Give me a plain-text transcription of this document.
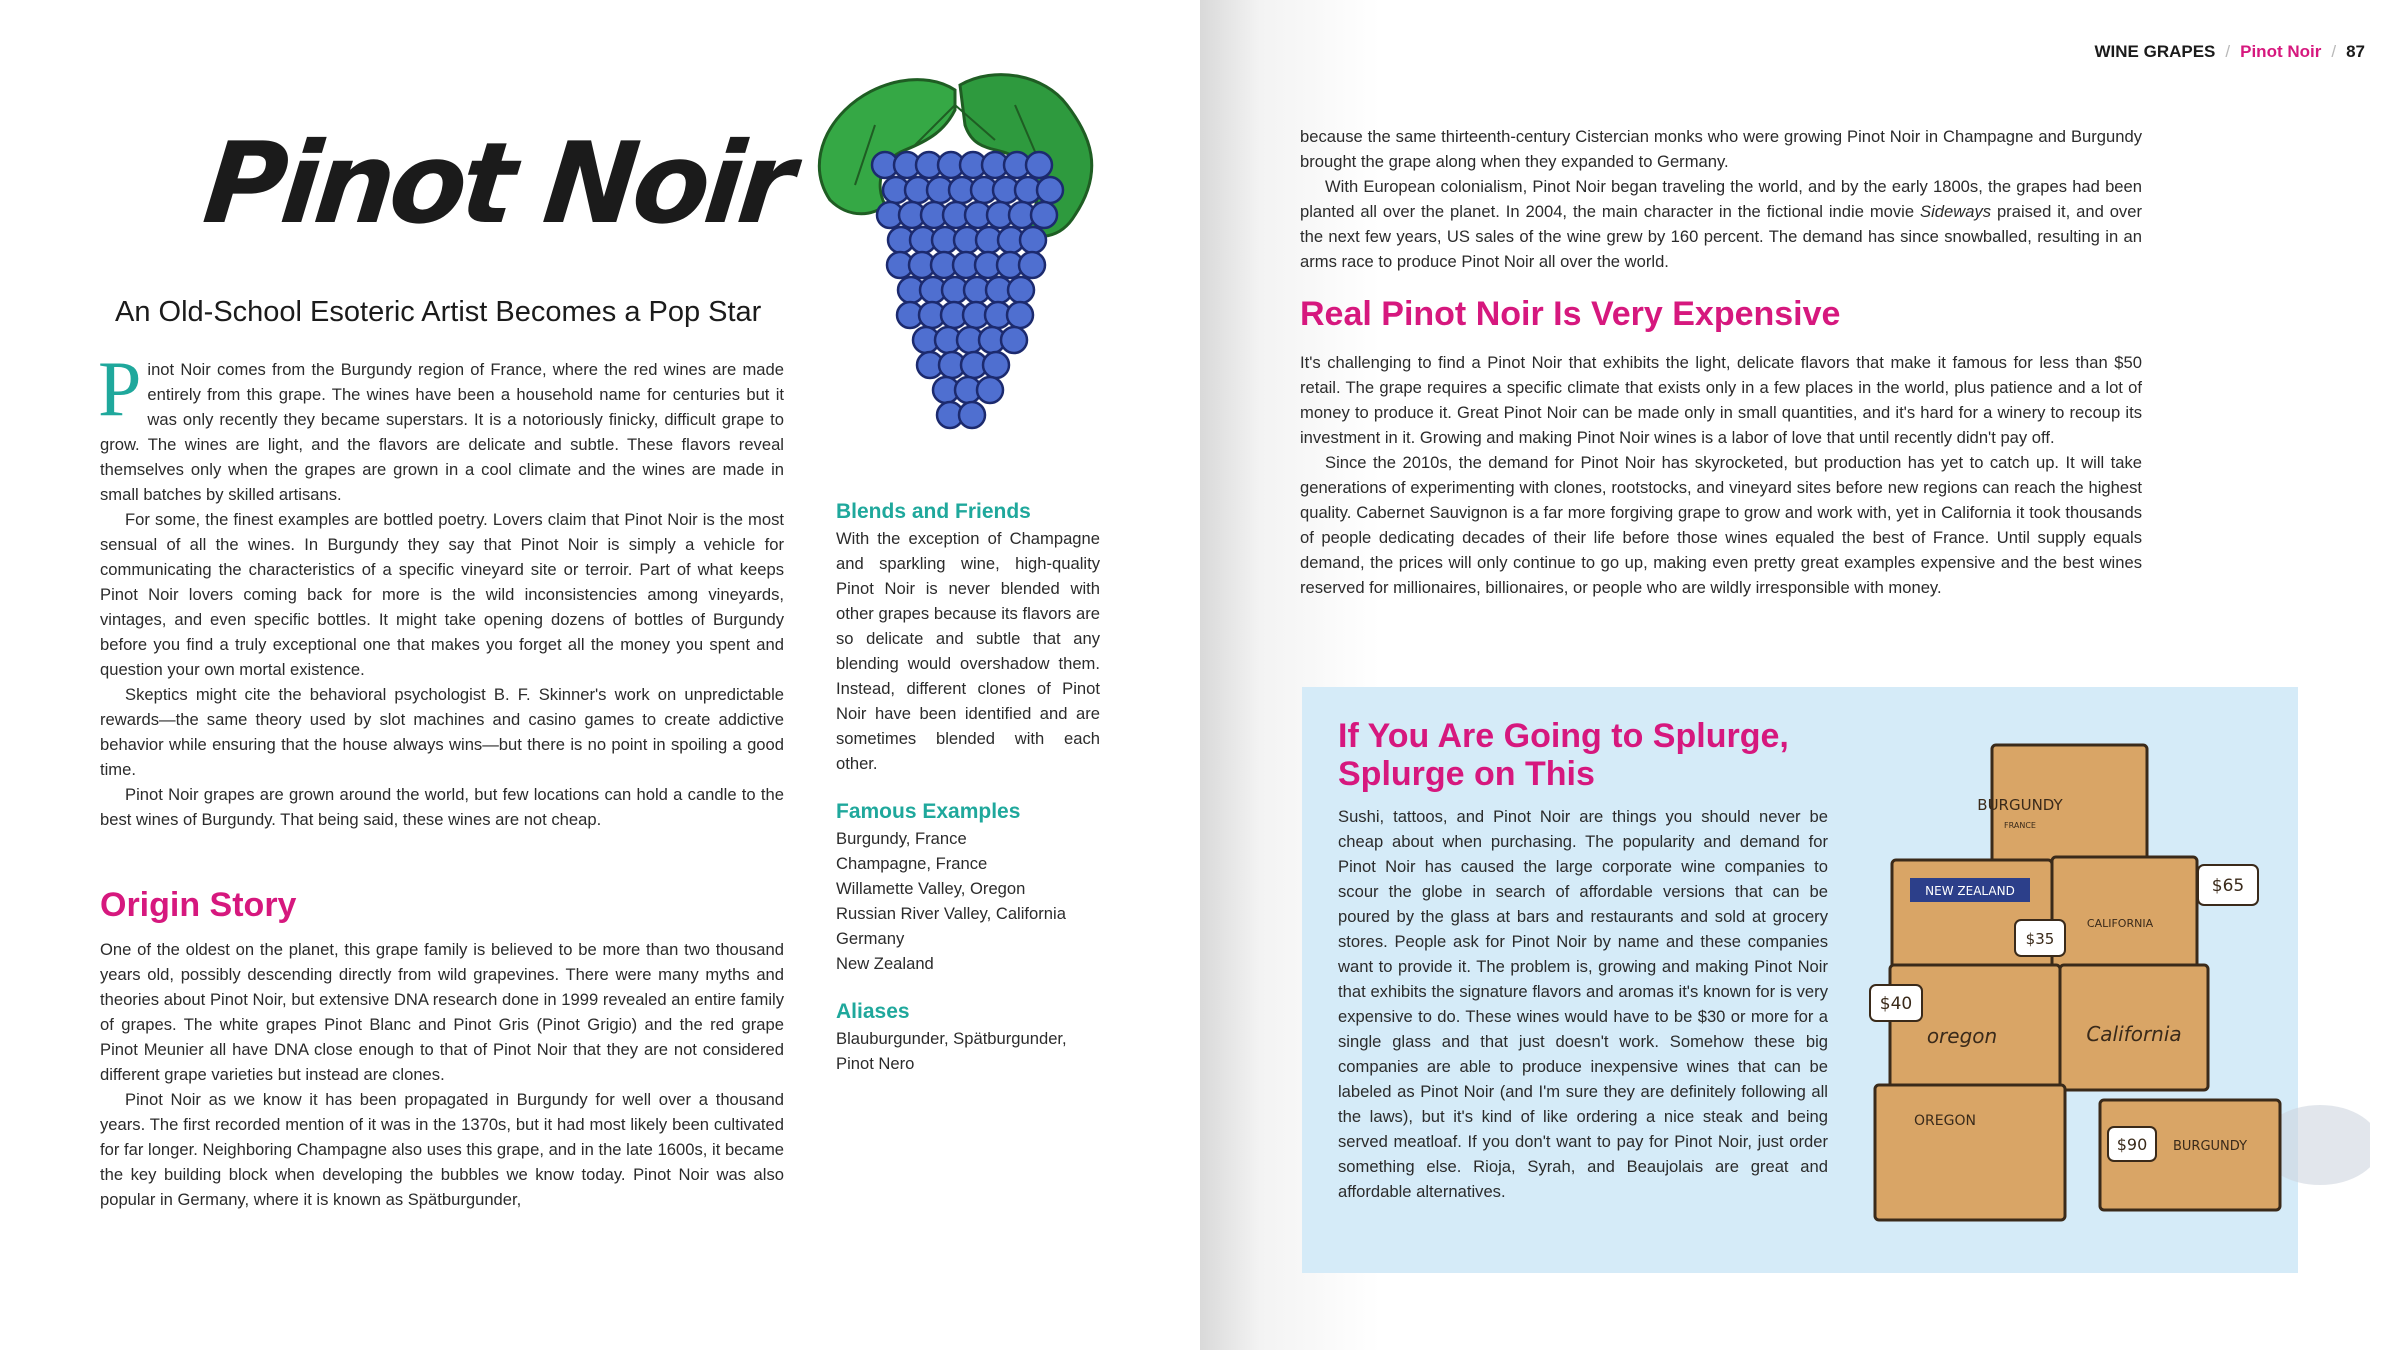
Pinot Noir
An Old-School Esoteric Artist Becomes a Pop Star
P inot Noir comes from the Burgundy region of France, where the red wines are made entirely from this grape. The wines have been a household name for centuries but it was only recently they became superstars. It is a notoriously finicky, difficult grape to grow. The wines are light, and the flavors are delicate and subtle. These flavors reveal themselves only when the grapes are grown in a cool climate and the wines are made in small batches by skilled artisans.

For some, the finest examples are bottled poetry. Lovers claim that Pinot Noir is the most sensual of all the wines. In Burgundy they say that Pinot Noir is simply a vehicle for communicating the characteristics of a specific vineyard site or terroir. Part of what keeps Pinot Noir lovers coming back for more is the wild inconsistencies among vineyards, vintages, and even specific bottles. It might take opening dozens of bottles of Burgundy before you find a truly exceptional one that makes you forget all the money you spent and question your own mortal existence.

Skeptics might cite the behavioral psychologist B. F. Skinner's work on unpredictable rewards—the same theory used by slot machines and casino games to create addictive behavior while ensuring that the house always wins—but there is no point in spoiling a good time.

Pinot Noir grapes are grown around the world, but few locations can hold a candle to the best wines of Burgundy. That being said, these wines are not cheap.

Origin Story

One of the oldest on the planet, this grape family is believed to be more than two thousand years old, possibly descending directly from wild grapevines. There were many myths and theories about Pinot Noir, but extensive DNA research done in 1999 revealed an entire family of grapes. The white grapes Pinot Blanc and Pinot Gris (Pinot Grigio) and the red grape Pinot Meunier all have DNA close enough to that of Pinot Noir that they are not considered different grape varieties but instead are clones.

Pinot Noir as we know it has been propagated in Burgundy for well over a thousand years. The first recorded mention of it was in the 1370s, but it had most likely been cultivated for far longer. Neighboring Champagne also uses this grape, and in the late 1600s, it became the key building block when developing the bubbles we know today. Pinot Noir was also popular in Germany, where it is known as Spätburgunder,

Blends and Friends

With the exception of Champagne and sparkling wine, high-quality Pinot Noir is never blended with other grapes because its flavors are so delicate and subtle that any blending would overshadow them. Instead, different clones of Pinot Noir have been identified and are sometimes blended with each other.

Famous Examples
Burgundy, France
Champagne, France
Willamette Valley, Oregon
Russian River Valley, California
Germany
New Zealand
Aliases

Blauburgunder, Spätburgunder, Pinot Nero

WINE GRAPES / Pinot Noir / 87

because the same thirteenth-century Cistercian monks who were growing Pinot Noir in Champagne and Burgundy brought the grape along when they expanded to Germany.

With European colonialism, Pinot Noir began traveling the world, and by the early 1800s, the grapes had been planted all over the planet. In 2004, the main character in the fictional indie movie Sideways praised it, and over the next few years, US sales of the wine grew by 160 percent. The demand has since snowballed, resulting in an arms race to produce Pinot Noir all over the world.

Real Pinot Noir Is Very Expensive

It's challenging to find a Pinot Noir that exhibits the light, delicate flavors that make it famous for less than $50 retail. The grape requires a specific climate that exists only in a few places in the world, plus patience and a lot of money to produce it. Great Pinot Noir can be made only in small quantities, and it's hard for a winery to recoup its investment in it. Growing and making Pinot Noir wines is a labor of love that until recently didn't pay off.

Since the 2010s, the demand for Pinot Noir has skyrocketed, but production has yet to catch up. It will take generations of experimenting with clones, rootstocks, and vineyard sites before new regions can reach the highest quality. Cabernet Sauvignon is a far more forgiving grape to grow and work with, yet in California it took thousands of people dedicating decades of their life before those wines equaled the best of France. Until supply equals demand, the prices will only continue to go up, making even pretty great examples expensive and the best wines reserved for millionaires, billionaires, or people who are wildly irresponsible with money.

If You Are Going to Splurge, Splurge on This

Sushi, tattoos, and Pinot Noir are things you should never be cheap about when purchasing. The popularity and demand for Pinot Noir has caused the large corporate wine companies to scour the globe in search of affordable versions that can be poured by the glass at bars and restaurants and sold at grocery stores. People ask for Pinot Noir by name and these companies want to provide it. The problem is, growing and making Pinot Noir that exhibits the signature flavors and aromas it's known for is very expensive to do. These wines would have to be $30 or more for a single glass and that just doesn't work. Somehow these big companies are able to produce inexpensive wines that can be labeled as Pinot Noir (and I'm sure they are definitely following all the laws), but it's kind of like ordering a nice steak and being served meatloaf. If you don't want to pay for Pinot Noir, just order something else. Rioja, Syrah, and Beaujolais are great and affordable alternatives.

BURGUNDY
FRANCE
NEW ZEALAND
CALIFORNIA
oregon	California
OREGON
BURGUNDY
$65
$35
$40
$90
